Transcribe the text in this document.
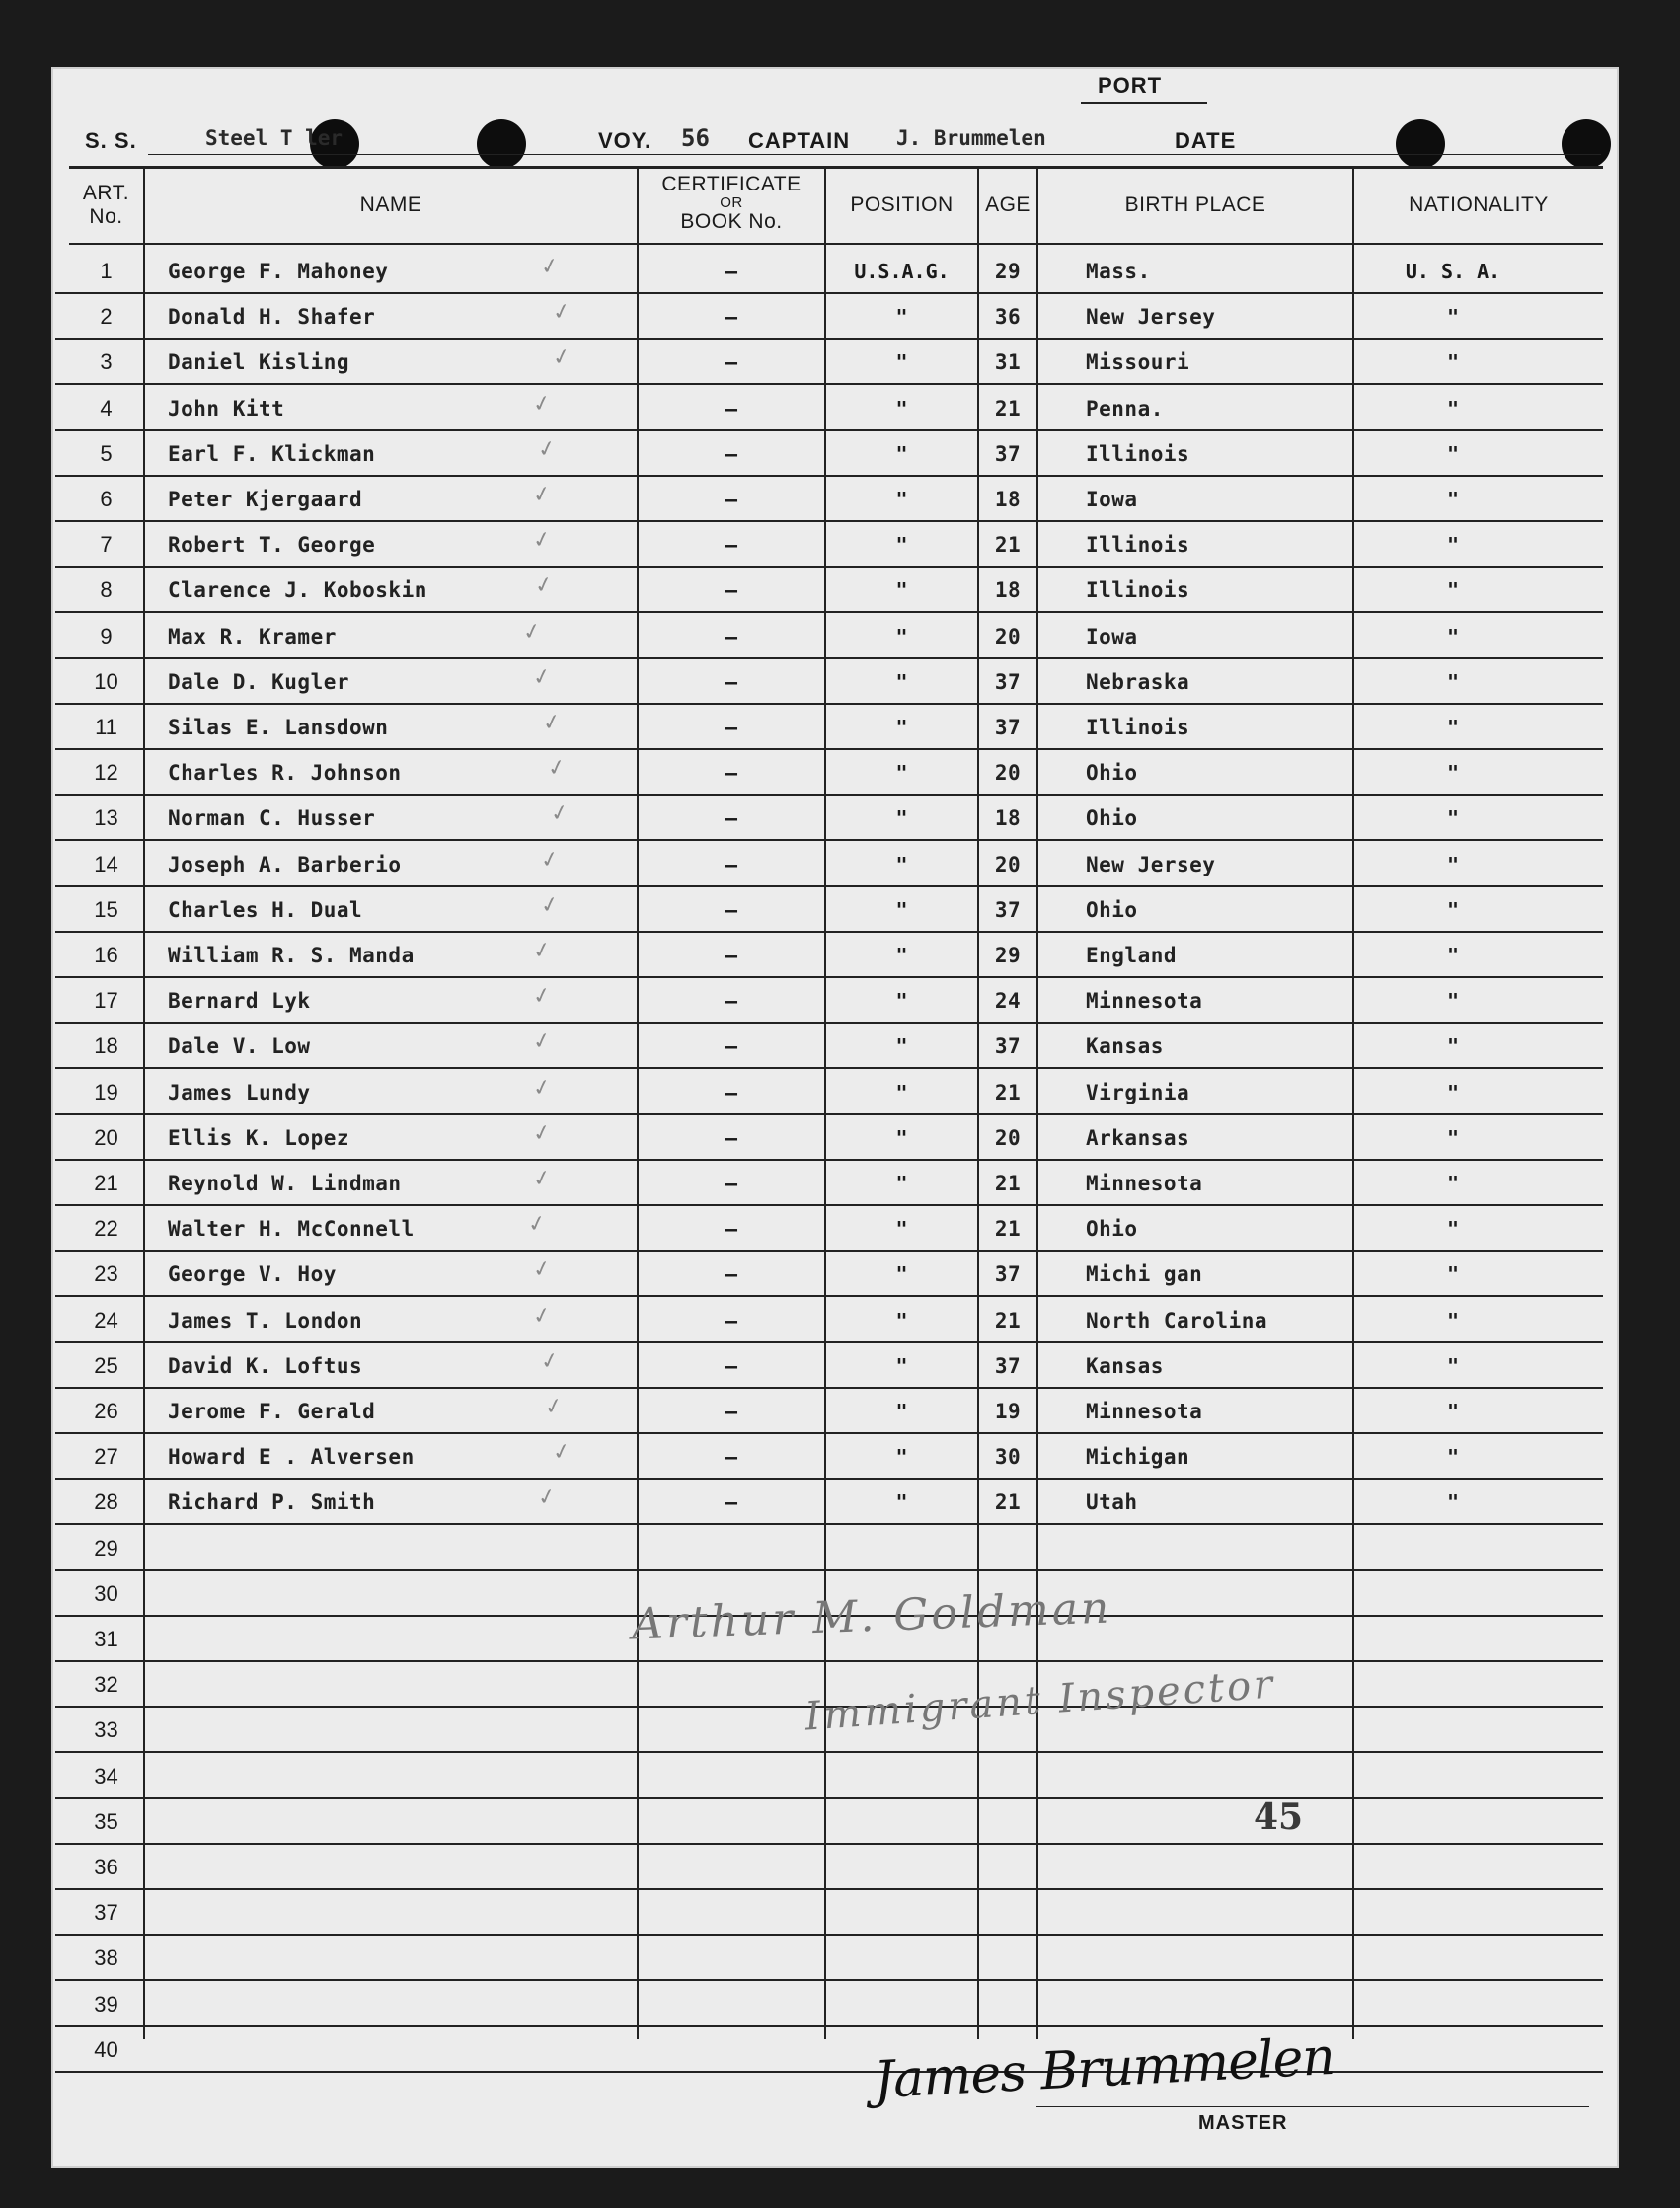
PORT
S. S.	Steel T ler	VOY. 56 CAPTAIN J. Brummelen	DATE
ART.
No.
NAME
CERTIFICATE
OR
BOOK No.
POSITION	AGE	BIRTH PLACE	NATIONALITY
1	George F. Mahoney	–	U.S.A.G.	29	Mass.	U. S. A.
✓
2	Donald H. Shafer	–	"	36	New Jersey	"
✓
3	Daniel Kisling	–	"	31	Missouri	"
✓
4	John Kitt	–	"	21	Penna.	"
✓
5	Earl F. Klickman	–	"	37	Illinois	"
✓
6	Peter Kjergaard	–	"	18	Iowa	"
✓
7	Robert T. George	–	"	21	Illinois	"
✓
8	Clarence J. Koboskin	–	"	18	Illinois	"
✓
9	Max R. Kramer	–	"	20	Iowa	"
✓
10	Dale D. Kugler	–	"	37	Nebraska	"
✓
11	Silas E. Lansdown	–	"	37	Illinois	"
✓
12	Charles R. Johnson	–	"	20	Ohio	"
✓
13	Norman C. Husser	–	"	18	Ohio	"
✓
14	Joseph A. Barberio	–	"	20	New Jersey	"
✓
15	Charles H. Dual	–	"	37	Ohio	"
✓
16	William R. S. Manda	–	"	29	England	"
✓
17	Bernard Lyk	–	"	24	Minnesota	"
✓
18	Dale V. Low	–	"	37	Kansas	"
✓
19	James Lundy	–	"	21	Virginia	"
✓
20	Ellis K. Lopez	–	"	20	Arkansas	"
✓
21	Reynold W. Lindman	–	"	21	Minnesota	"
✓
22	Walter H. McConnell	–	"	21	Ohio	"
✓
23	George V. Hoy	–	"	37	Michi gan	"
✓
24	James T. London	–	"	21	North Carolina	"
✓
25	David K. Loftus	–	"	37	Kansas	"
✓
26	Jerome F. Gerald	–	"	19	Minnesota	"
✓
27	Howard E . Alversen	–	"	30	Michigan	"
✓
28	Richard P. Smith	–	"	21	Utah	"
✓
29
30
31
32
33
34
35
36
37
38
39
40
Arthur M. Goldman
Immigrant Inspector
45
James Brummelen
MASTER
